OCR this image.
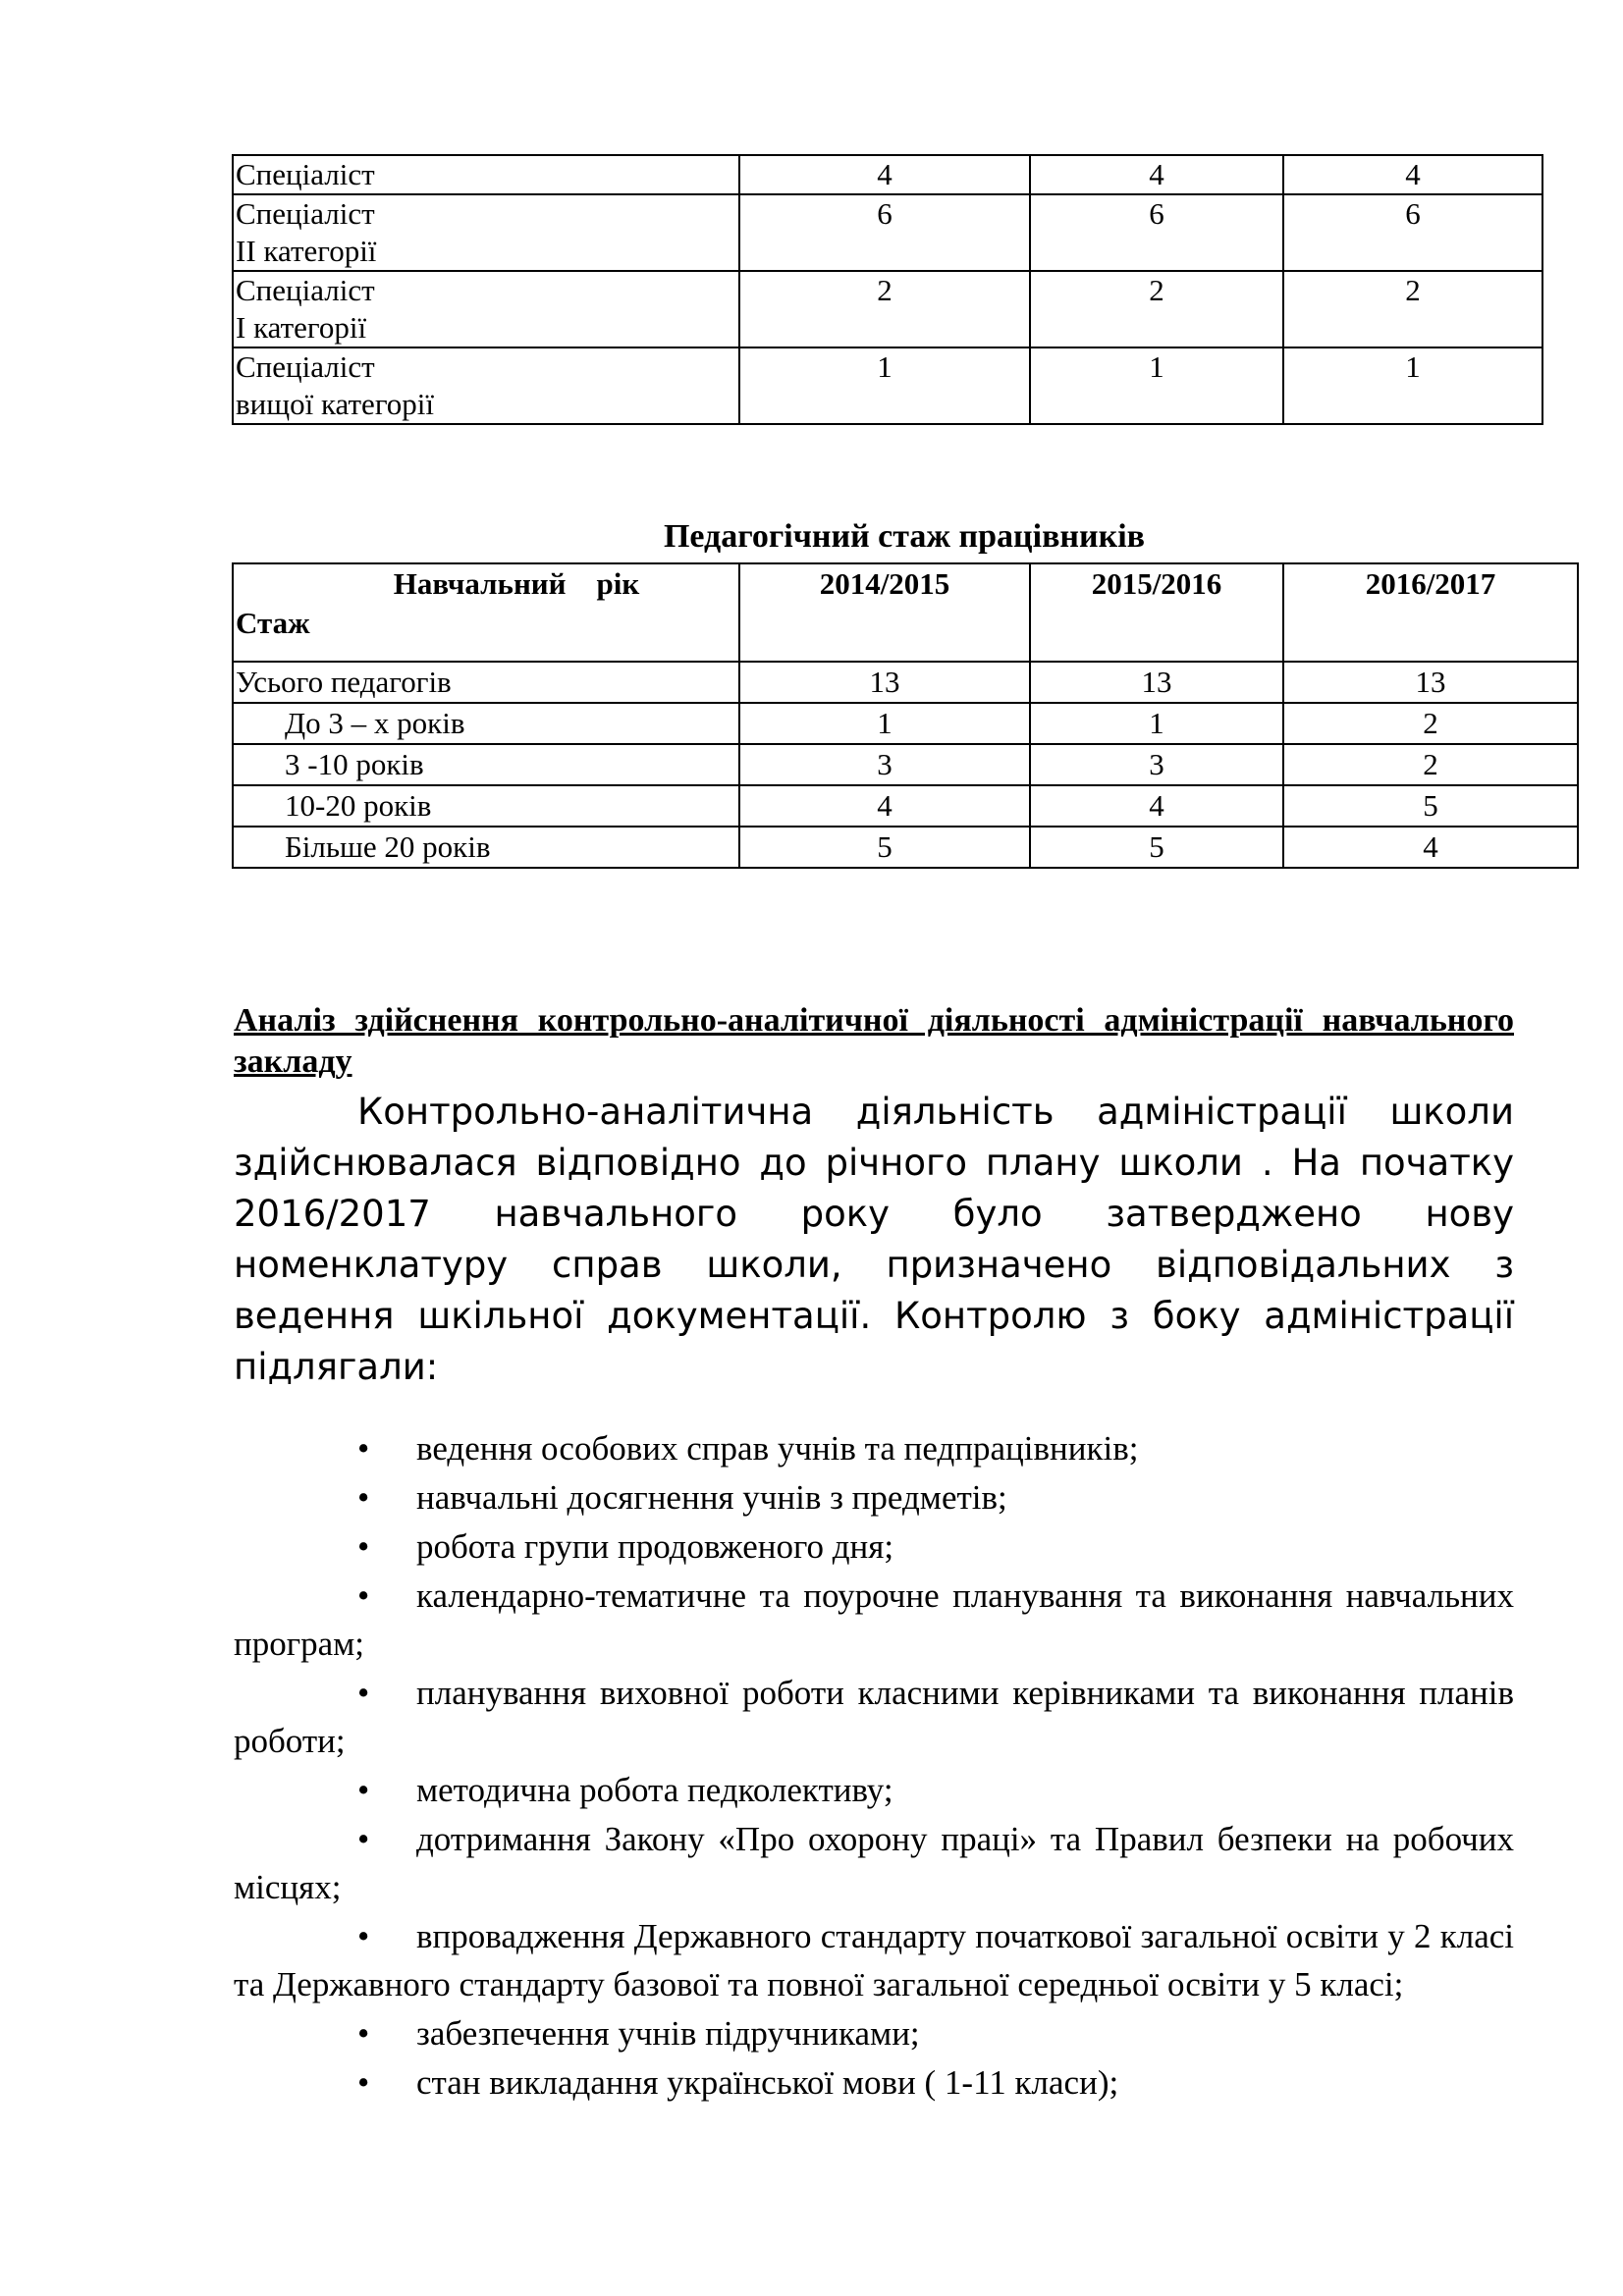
Спеціаліст	4	4	4
Спеціаліст
ІІ категорії	6	6	6
Спеціаліст
І категорії	2	2	2
Спеціаліст
вищої категорії	1	1	1
Педагогічний стаж працівників
Навчальний    рік
Стаж	2014/2015	2015/2016	2016/2017
Усього педагогів	13	13	13
До 3 – х років	1	1	2
3 -10 років	3	3	2
10-20 років	4	4	5
Більше 20 років	5	5	4
Аналіз здійснення контрольно-аналітичної діяльності адміністрації навчального закладу

Контрольно-аналітична діяльність адміністрації школи здійснювалася відповідно до річного плану школи . На початку 2016/2017 навчального року було затверджено нову номенклатуру справ школи, призначено відповідальних з ведення шкільної документації. Контролю з боку адміністрації підлягали:

• ведення особових справ учнів та педпрацівників;
• навчальні досягнення учнів з предметів;
• робота групи продовженого дня;
• календарно-тематичне та поурочне планування та виконання навчальних програм;
• планування виховної роботи класними керівниками та виконання планів роботи;
• методична робота педколективу;
• дотримання Закону «Про охорону праці» та Правил безпеки на робочих місцях;
• впровадження Державного стандарту початкової загальної освіти у 2 класі та Державного стандарту базової та повної загальної середньої освіти у 5 класі;
• забезпечення учнів підручниками;
• стан викладання української мови ( 1-11 класи);
